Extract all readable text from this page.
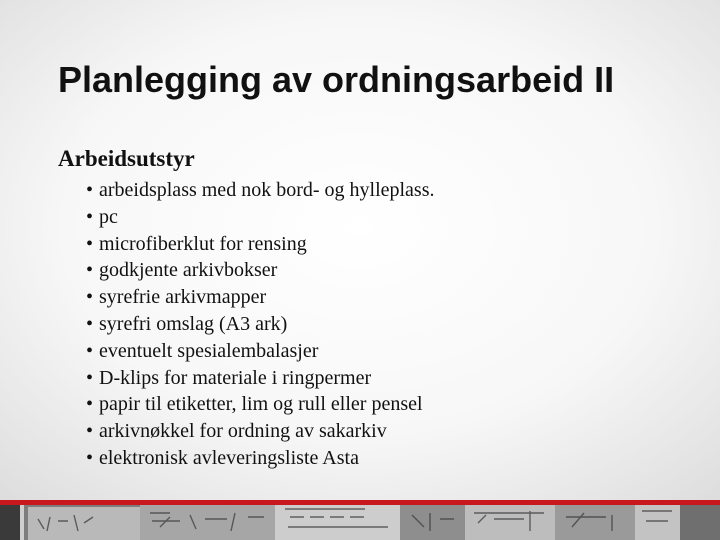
Planlegging av ordningsarbeid II
Arbeidsutstyr
• arbeidsplass med nok bord- og hylleplass.
• pc
• microfiberklut for rensing
• godkjente arkivbokser
• syrefrie arkivmapper
• syrefri omslag (A3 ark)
• eventuelt spesialembalasjer
• D-klips for materiale i ringpermer
• papir til etiketter, lim og rull eller pensel
• arkivnøkkel for ordning av sakarkiv
• elektronisk avleveringsliste Asta
